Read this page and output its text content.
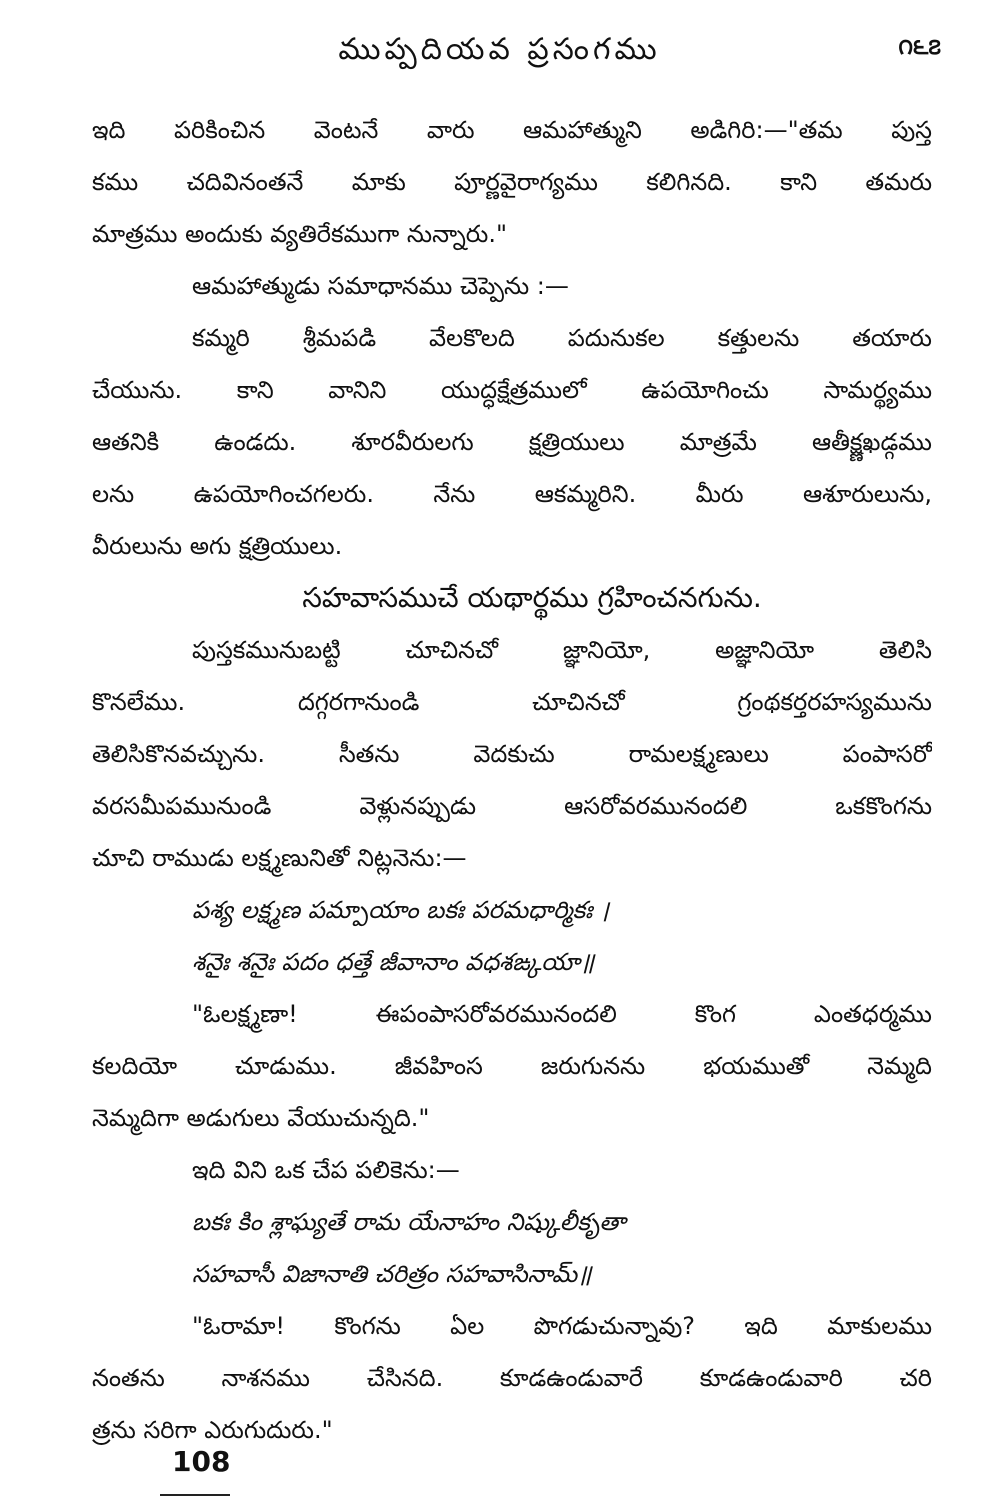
ముప్పదియవ ప్రసంగము	౧౬౭
ఇది పరికించిన వెంటనే వారు ఆమహాత్ముని అడిగిరి:—"తమ పుస్త
కము చదివినంతనే మాకు పూర్ణవైరాగ్యము కలిగినది. కాని తమరు
మాత్రము అందుకు వ్యతిరేకముగా నున్నారు."
ఆమహాత్ముడు సమాధానము చెప్పెను :—
కమ్మరి శ్రీమపడి వేలకొలది పదునుకల కత్తులను తయారు
చేయును. కాని వానిని యుద్ధక్షేత్రములో ఉపయోగించు సామర్థ్యము
ఆతనికి ఉండదు. శూరవీరులగు క్షత్రియులు మాత్రమే ఆతీక్ష్ణఖడ్గము
లను ఉపయోగించగలరు. నేను ఆకమ్మరిని. మీరు ఆశూరులును,
వీరులును అగు క్షత్రియులు.
సహవాసముచే యథార్థము గ్రహించనగును.
పుస్తకమునుబట్టి చూచినచో జ్ఞానియో, అజ్ఞానియో తెలిసి
కొనలేము. దగ్గరగానుండి చూచినచో గ్రంథకర్తరహస్యమును
తెలిసికొనవచ్చును. సీతను వెదకుచు రామలక్ష్మణులు పంపాసరో
వరసమీపమునుండి వెళ్లునప్పుడు ఆసరోవరమునందలి ఒకకొంగను
చూచి రాముడు లక్ష్మణునితో నిట్లనెను:—
పశ్య లక్ష్మణ పమ్పాయాం బకః పరమధార్మికః ।
శనైః శనైః పదం ధత్తే జీవానాం వధశఙ్కయా॥
"ఓలక్ష్మణా! ఈపంపాసరోవరమునందలి కొంగ ఎంతధర్మము
కలదియో చూడుము. జీవహింస జరుగునను భయముతో నెమ్మది
నెమ్మదిగా అడుగులు వేయుచున్నది."
ఇది విని ఒక చేప పలికెను:—
బకః కిం శ్లాఘ్యతే రామ యేనాహం నిష్కులీకృతా
సహవాసీ విజానాతి చరిత్రం సహవాసినామ్॥
"ఓరామా! కొంగను ఏల పొగడుచున్నావు? ఇది మాకులము
నంతను నాశనము చేసినది. కూడఉండువారే కూడఉండువారి చరి
త్రను సరిగా ఎరుగుదురు."
108
